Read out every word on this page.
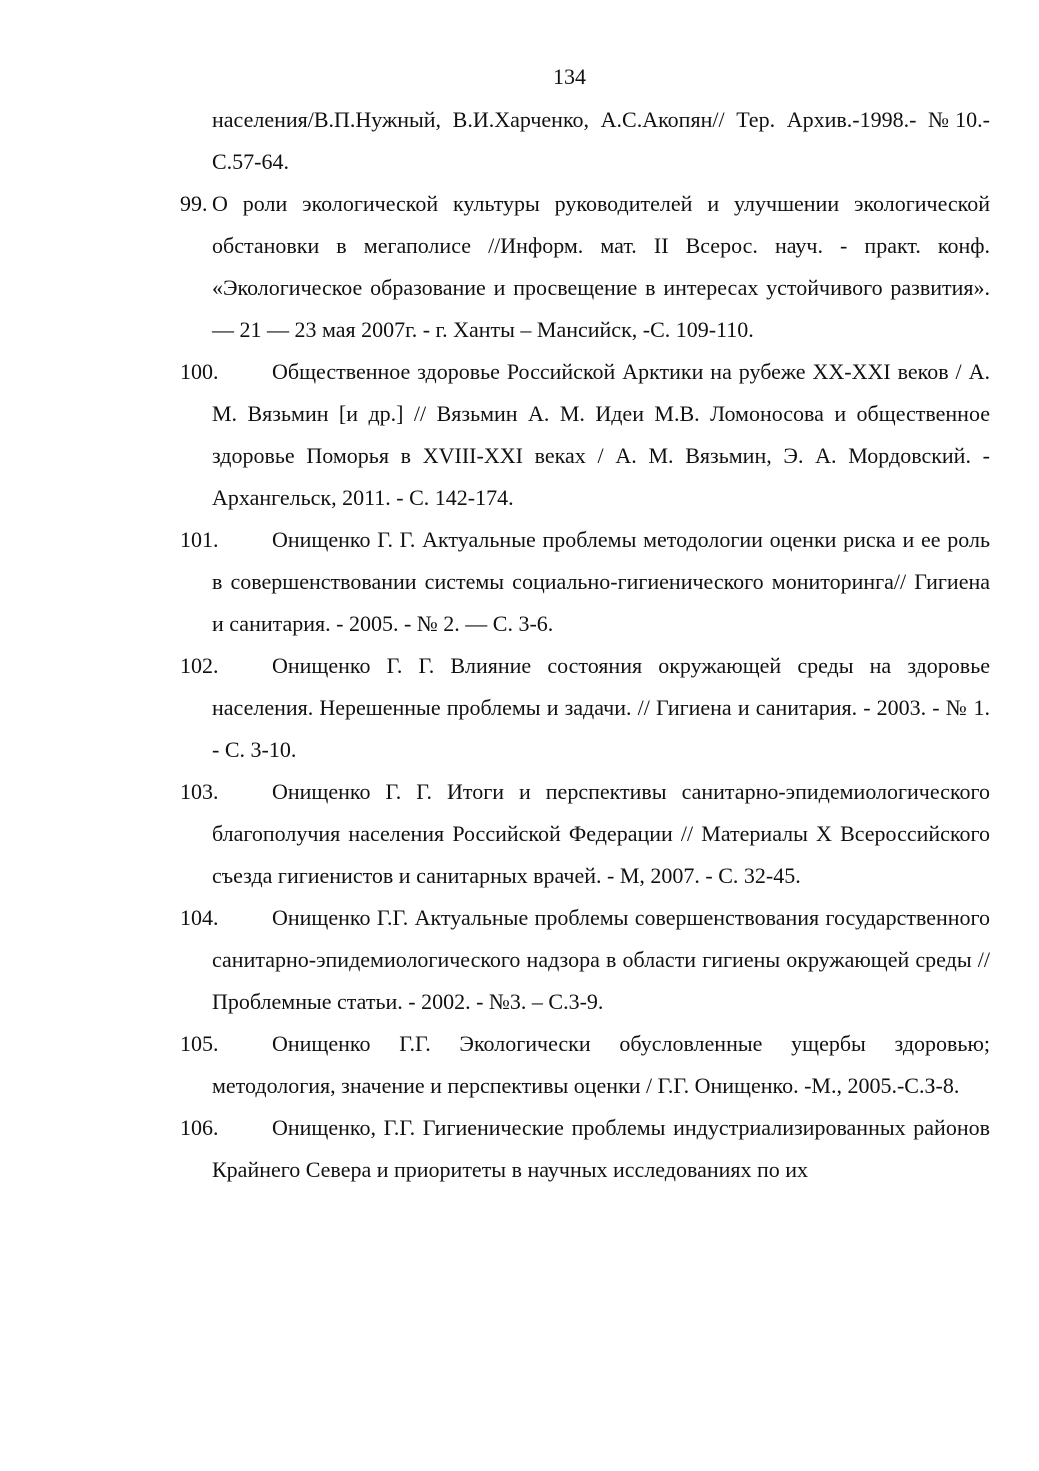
134
населения/В.П.Нужный, В.И.Харченко, А.С.Акопян// Тер. Архив.-1998.- №10.- С.57-64.
99. О роли экологической культуры руководителей и улучшении экологической обстановки в мегаполисе //Информ. мат. II Всерос. науч. - практ. конф. «Экологическое образование и просвещение в интересах устойчивого развития». — 21 — 23 мая 2007г. - г. Ханты – Мансийск, -С. 109-110.
100. Общественное здоровье Российской Арктики на рубеже XX-XXI веков / А. М. Вязьмин [и др.] // Вязьмин А. М. Идеи М.В. Ломоносова и общественное здоровье Поморья в XVIII-XXI веках / А. М. Вязьмин, Э. А. Мордовский. - Архангельск, 2011. - С. 142-174.
101. Онищенко Г. Г. Актуальные проблемы методологии оценки риска и ее роль в совершенствовании системы социально-гигиенического мониторинга// Гигиена и санитария. - 2005. - № 2. — С. 3-6.
102. Онищенко Г. Г. Влияние состояния окружающей среды на здоровье населения. Нерешенные проблемы и задачи. // Гигиена и санитария. - 2003. - № 1. - С. 3-10.
103. Онищенко Г. Г. Итоги и перспективы санитарно-эпидемиологического благополучия населения Российской Федерации // Материалы X Всероссийского съезда гигиенистов и санитарных врачей. - М, 2007. - С. 32-45.
104. Онищенко Г.Г. Актуальные проблемы совершенствования государственного санитарно-эпидемиологического надзора в области гигиены окружающей среды // Проблемные статьи. - 2002. - №3. – С.3-9.
105. Онищенко Г.Г. Экологически обусловленные ущербы здоровью; методология, значение и перспективы оценки / Г.Г. Онищенко. -М., 2005.-С.З-8.
106. Онищенко, Г.Г. Гигиенические проблемы индустриализированных районов Крайнего Севера и приоритеты в научных исследованиях по их
